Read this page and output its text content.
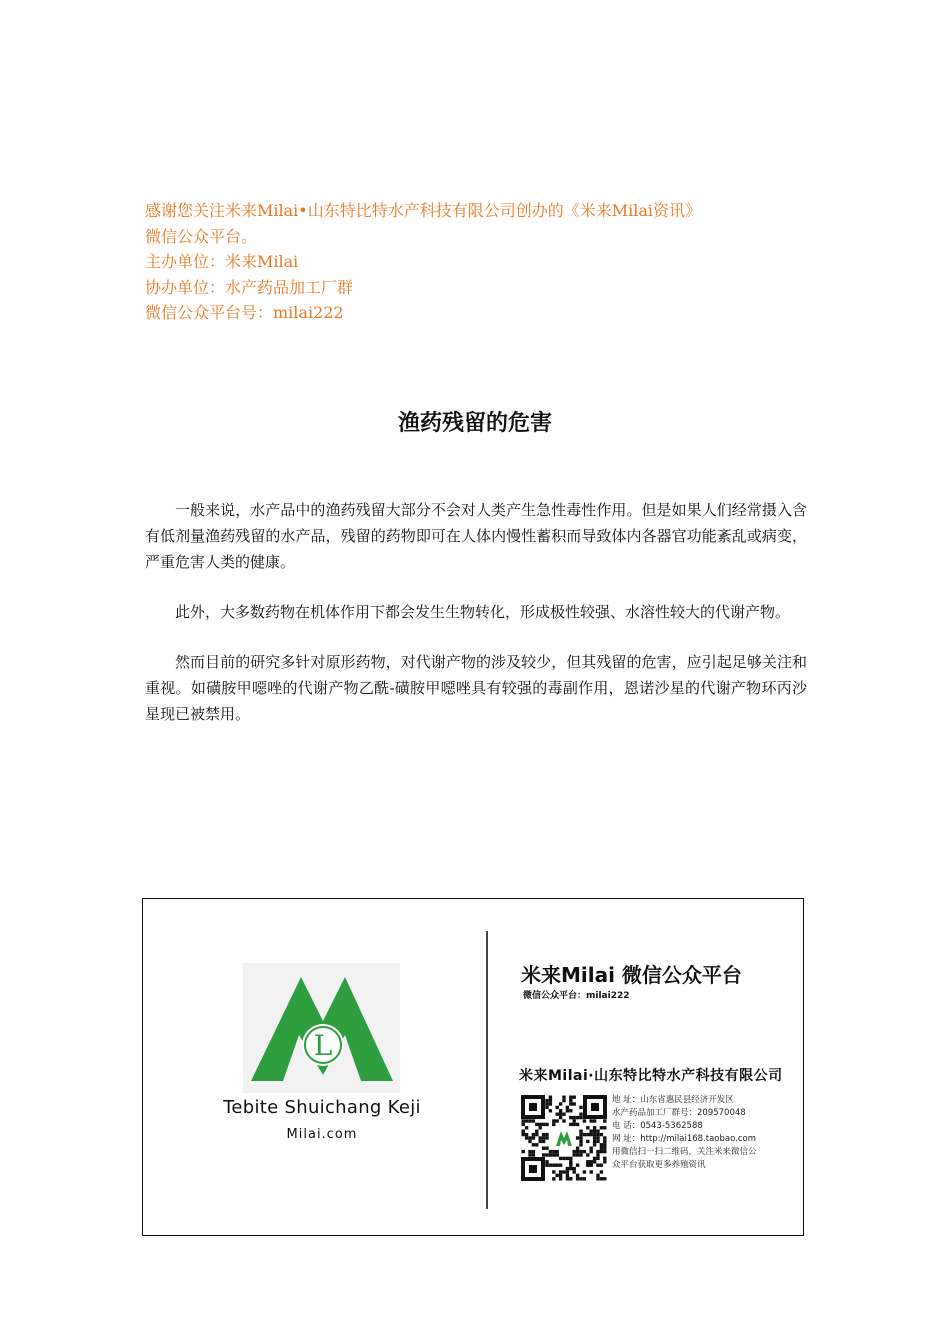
感谢您关注米来Milai•山东特比特水产科技有限公司创办的《米来Milai资讯》
微信公众平台。
主办单位：米来Milai
协办单位：水产药品加工厂群
微信公众平台号：milai222
渔药残留的危害

一般来说，水产品中的渔药残留大部分不会对人类产生急性毒性作用。但是如果人们经常摄入含有低剂量渔药残留的水产品，残留的药物即可在人体内慢性蓄积而导致体内各器官功能紊乱或病变，严重危害人类的健康。

此外，大多数药物在机体作用下都会发生生物转化，形成极性较强、水溶性较大的代谢产物。

然而目前的研究多针对原形药物，对代谢产物的涉及较少，但其残留的危害，应引起足够关注和重视。如磺胺甲噁唑的代谢产物乙酰-磺胺甲噁唑具有较强的毒副作用，恩诺沙星的代谢产物环丙沙星现已被禁用。

L
Tebite Shuichang Keji
Milai.com
米来Milai 微信公众平台
微信公众平台：milai222
米来Milai·山东特比特水产科技有限公司
地 址：山东省惠民县经济开发区
水产药品加工厂群号：209570048
电 话：0543-5362588
网 址：http://milai168.taobao.com
用微信扫一扫二维码，关注米来微信公
众平台获取更多养殖资讯
